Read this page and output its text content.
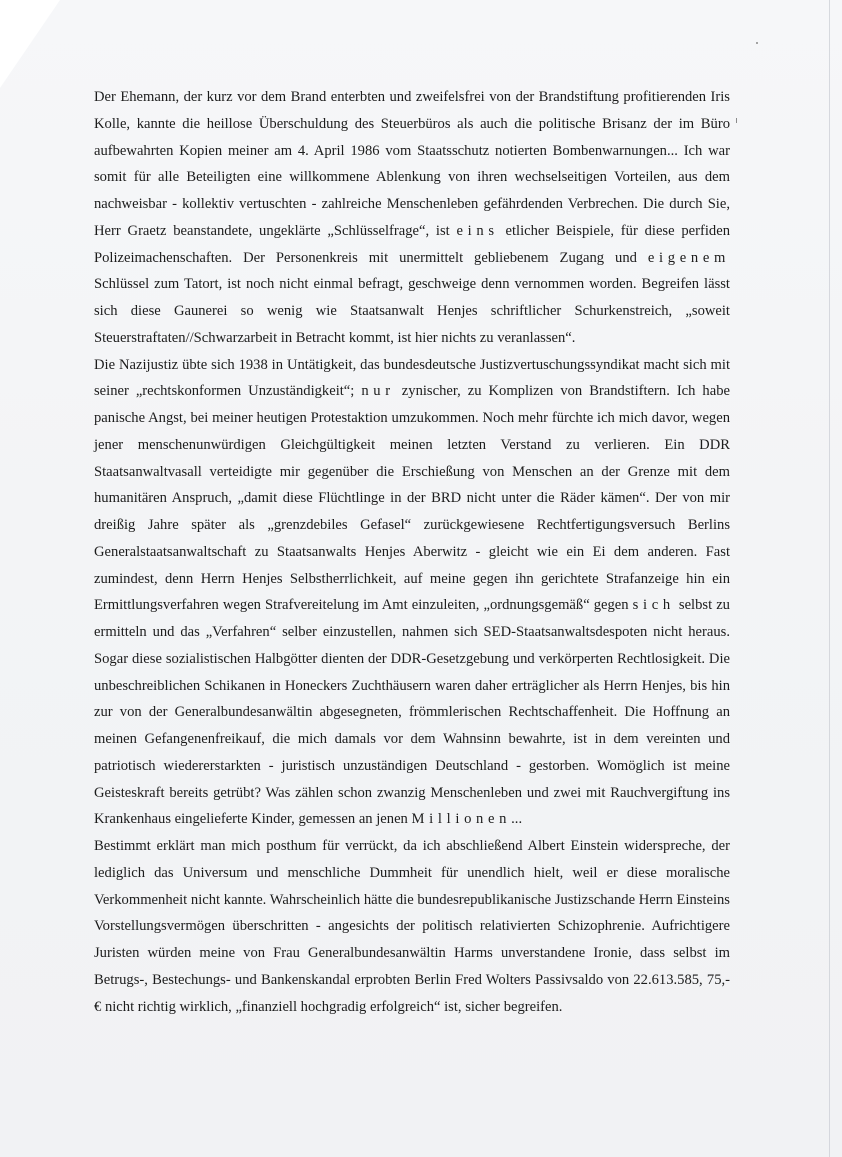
Der Ehemann, der kurz vor dem Brand enterbten und zweifelsfrei von der Brandstiftung profitierenden Iris Kolle, kannte die heillose Überschuldung des Steuerbüros als auch die politische Brisanz der im Büro aufbewahrten Kopien meiner am 4. April 1986 vom Staatsschutz notierten Bombenwarnungen... Ich war somit für alle Beteiligten eine willkommene Ablenkung von ihren wechselseitigen Vorteilen, aus dem nachweisbar - kollektiv vertuschten - zahlreiche Menschenleben gefährdenden Verbrechen. Die durch Sie, Herr Graetz beanstandete, ungeklärte „Schlüsselfrage“, ist eins etlicher Beispiele, für diese perfiden Polizeimachenschaften. Der Personenkreis mit unermittelt gebliebenem Zugang und eigenem Schlüssel zum Tatort, ist noch nicht einmal befragt, geschweige denn vernommen worden. Begreifen lässt sich diese Gaunerei so wenig wie Staatsanwalt Henjes schriftlicher Schurkenstreich, „soweit Steuerstraftaten//Schwarzarbeit in Betracht kommt, ist hier nichts zu veranlassen“.

Die Nazijustiz übte sich 1938 in Untätigkeit, das bundesdeutsche Justizvertuschungssyndikat macht sich mit seiner „rechtskonformen Unzuständigkeit“; nur zynischer, zu Komplizen von Brandstiftern. Ich habe panische Angst, bei meiner heutigen Protestaktion umzukommen. Noch mehr fürchte ich mich davor, wegen jener menschenunwürdigen Gleichgültigkeit meinen letzten Verstand zu verlieren. Ein DDR Staatsanwaltvasall verteidigte mir gegenüber die Erschießung von Menschen an der Grenze mit dem humanitären Anspruch, „damit diese Flüchtlinge in der BRD nicht unter die Räder kämen“. Der von mir dreißig Jahre später als „grenzdebiles Gefasel“ zurückgewiesene Rechtfertigungsversuch Berlins Generalstaatsanwaltschaft zu Staatsanwalts Henjes Aberwitz - gleicht wie ein Ei dem anderen. Fast zumindest, denn Herrn Henjes Selbstherrlichkeit, auf meine gegen ihn gerichtete Strafanzeige hin ein Ermittlungsverfahren wegen Strafvereitelung im Amt einzuleiten, „ordnungsgemäß“ gegen sich selbst zu ermitteln und das „Verfahren“ selber einzustellen, nahmen sich SED-Staatsanwaltsdespoten nicht heraus. Sogar diese sozialistischen Halbgötter dienten der DDR-Gesetzgebung und verkörperten Rechtlosigkeit. Die unbeschreiblichen Schikanen in Honeckers Zuchthäusern waren daher erträglicher als Herrn Henjes, bis hin zur von der Generalbundesanwältin abgesegneten, frömmlerischen Rechtschaffenheit. Die Hoffnung an meinen Gefangenenfreikauf, die mich damals vor dem Wahnsinn bewahrte, ist in dem vereinten und patriotisch wiedererstarkten - juristisch unzuständigen Deutschland - gestorben. Womöglich ist meine Geisteskraft bereits getrübt? Was zählen schon zwanzig Menschenleben und zwei mit Rauchvergiftung ins Krankenhaus eingelieferte Kinder, gemessen an jenen Millionen...

Bestimmt erklärt man mich posthum für verrückt, da ich abschließend Albert Einstein widerspreche, der lediglich das Universum und menschliche Dummheit für unendlich hielt, weil er diese moralische Verkommenheit nicht kannte. Wahrscheinlich hätte die bundesrepublikanische Justizschande Herrn Einsteins Vorstellungsvermögen überschritten - angesichts der politisch relativierten Schizophrenie. Aufrichtigere Juristen würden meine von Frau Generalbundesanwältin Harms unverstandene Ironie, dass selbst im Betrugs-, Bestechungs- und Bankenskandal erprobten Berlin Fred Wolters Passivsaldo von 22.613.585, 75,- € nicht richtig wirklich, „finanziell hochgradig erfolgreich“ ist, sicher begreifen.
